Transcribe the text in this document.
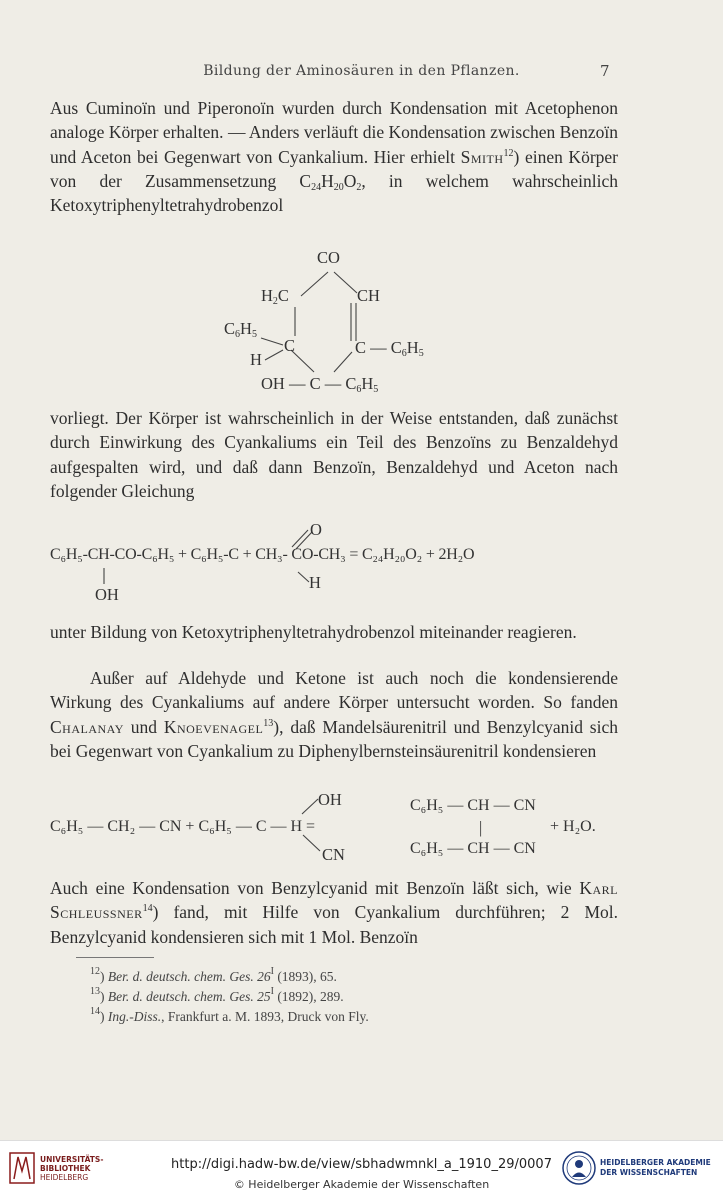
Bildung der Aminosäuren in den Pflanzen.	7
Aus Cuminoïn und Piperonoïn wurden durch Kondensation mit Acetophenon analoge Körper erhalten. — Anders verläuft die Kondensation zwischen Benzoïn und Aceton bei Gegenwart von Cyankalium. Hier erhielt Smith$^{12}$) einen Körper von der Zusammensetzung $C_{24}H_{20}O_2$, in welchem wahrscheinlich Ketoxytriphenyltetrahydrobenzol
CO
$H_2C$	CH
$C_6H_5$
H
C	C — $C_6H_5$
OH — C — $C_6H_5$
vorliegt. Der Körper ist wahrscheinlich in der Weise entstanden, daß zunächst durch Einwirkung des Cyankaliums ein Teil des Benzoïns zu Benzaldehyd aufgespalten wird, und daß dann Benzoïn, Benzaldehyd und Aceton nach folgender Gleichung
O
C₆H₅-CH-CO-C₆H₅ + C₆H₅-C + CH₃- CO-CH₃ = C₂₄H₂₀O₂ + 2H₂O
OH
H
unter Bildung von Ketoxytriphenyltetrahydrobenzol miteinander reagieren.
Außer auf Aldehyde und Ketone ist auch noch die kondensierende Wirkung des Cyankaliums auf andere Körper untersucht worden. So fanden Chalanay und Knoevenagel$^{13}$), daß Mandelsäurenitril und Benzylcyanid sich bei Gegenwart von Cyankalium zu Diphenylbernsteinsäurenitril kondensieren
OH
C₆H₅ — CH₂ — CN + C₆H₅ — C — H =
CN
C₆H₅ — CH — CN
|
C₆H₅ — CH — CN
+ H₂O.
Auch eine Kondensation von Benzylcyanid mit Benzoïn läßt sich, wie Karl Schleussner$^{14}$) fand, mit Hilfe von Cyankalium durchführen; 2 Mol. Benzylcyanid kondensieren sich mit 1 Mol. Benzoïn
$^{12}$) Ber. d. deutsch. chem. Ges. $26^I$ (1893), 65.
$^{13}$) Ber. d. deutsch. chem. Ges. $25^I$ (1892), 289.
$^{14}$) Ing.-Diss., Frankfurt a. M. 1893, Druck von Fly.
UNIVERSITÄTS-
BIBLIOTHEK
HEIDELBERG
http://digi.hadw-bw.de/view/sbhadwmnkl_a_1910_29/0007
© Heidelberger Akademie der Wissenschaften
HEIDELBERGER AKADEMIE
DER WISSENSCHAFTEN
